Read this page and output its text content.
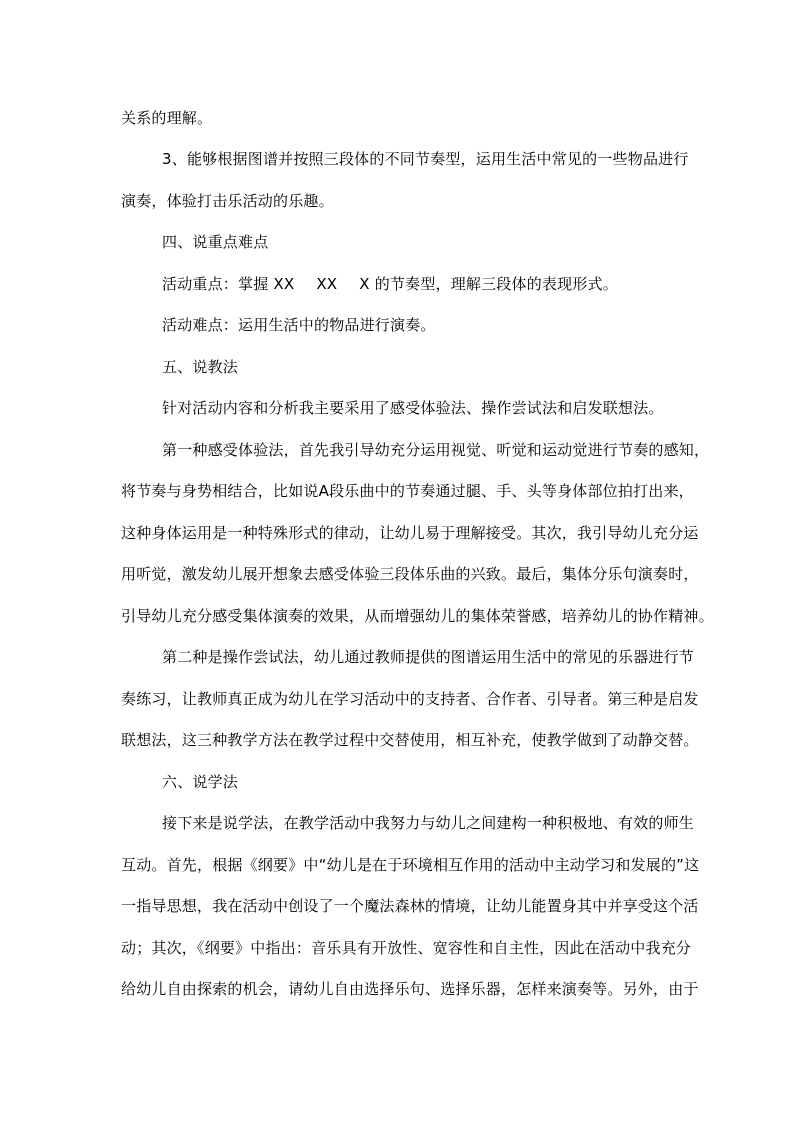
关系的理解。
3、能够根据图谱并按照三段体的不同节奏型，运用生活中常见的一些物品进行
演奏，体验打击乐活动的乐趣。
四、说重点难点
活动重点：掌握 XX XX X 的节奏型，理解三段体的表现形式。
活动难点：运用生活中的物品进行演奏。
五、说教法
针对活动内容和分析我主要采用了感受体验法、操作尝试法和启发联想法。
第一种感受体验法，首先我引导幼充分运用视觉、听觉和运动觉进行节奏的感知，
将节奏与身势相结合，比如说A段乐曲中的节奏通过腿、手、头等身体部位拍打出来，
这种身体运用是一种特殊形式的律动，让幼儿易于理解接受。其次，我引导幼儿充分运
用听觉，激发幼儿展开想象去感受体验三段体乐曲的兴致。最后，集体分乐句演奏时，
引导幼儿充分感受集体演奏的效果，从而增强幼儿的集体荣誉感，培养幼儿的协作精神。
第二种是操作尝试法，幼儿通过教师提供的图谱运用生活中的常见的乐器进行节
奏练习，让教师真正成为幼儿在学习活动中的支持者、合作者、引导者。第三种是启发
联想法，这三种教学方法在教学过程中交替使用，相互补充，使教学做到了动静交替。
六、说学法
接下来是说学法，在教学活动中我努力与幼儿之间建构一种积极地、有效的师生
互动。首先，根据《纲要》中“幼儿是在于环境相互作用的活动中主动学习和发展的”这
一指导思想，我在活动中创设了一个魔法森林的情境，让幼儿能置身其中并享受这个活
动；其次，《纲要》中指出：音乐具有开放性、宽容性和自主性，因此在活动中我充分
给幼儿自由探索的机会，请幼儿自由选择乐句、选择乐器，怎样来演奏等。另外，由于
